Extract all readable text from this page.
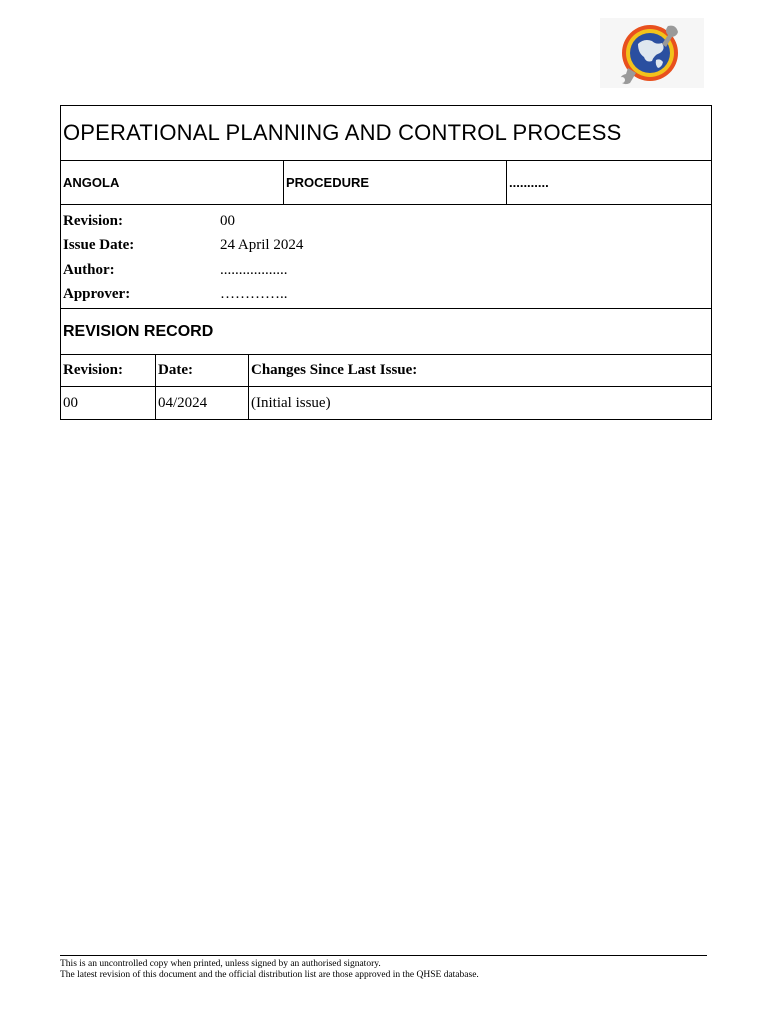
OPERATIONAL PLANNING AND CONTROL PROCESS
ANGOLA	PROCEDURE	...........
Revision:	00
Issue Date:	24 April 2024
Author:	..................
Approver:	…………..
REVISION RECORD
Revision:	Date:	Changes Since Last Issue:
00	04/2024	(Initial issue)
This is an uncontrolled copy when printed, unless signed by an authorised signatory.
The latest revision of this document and the official distribution list are those approved in the QHSE database.
